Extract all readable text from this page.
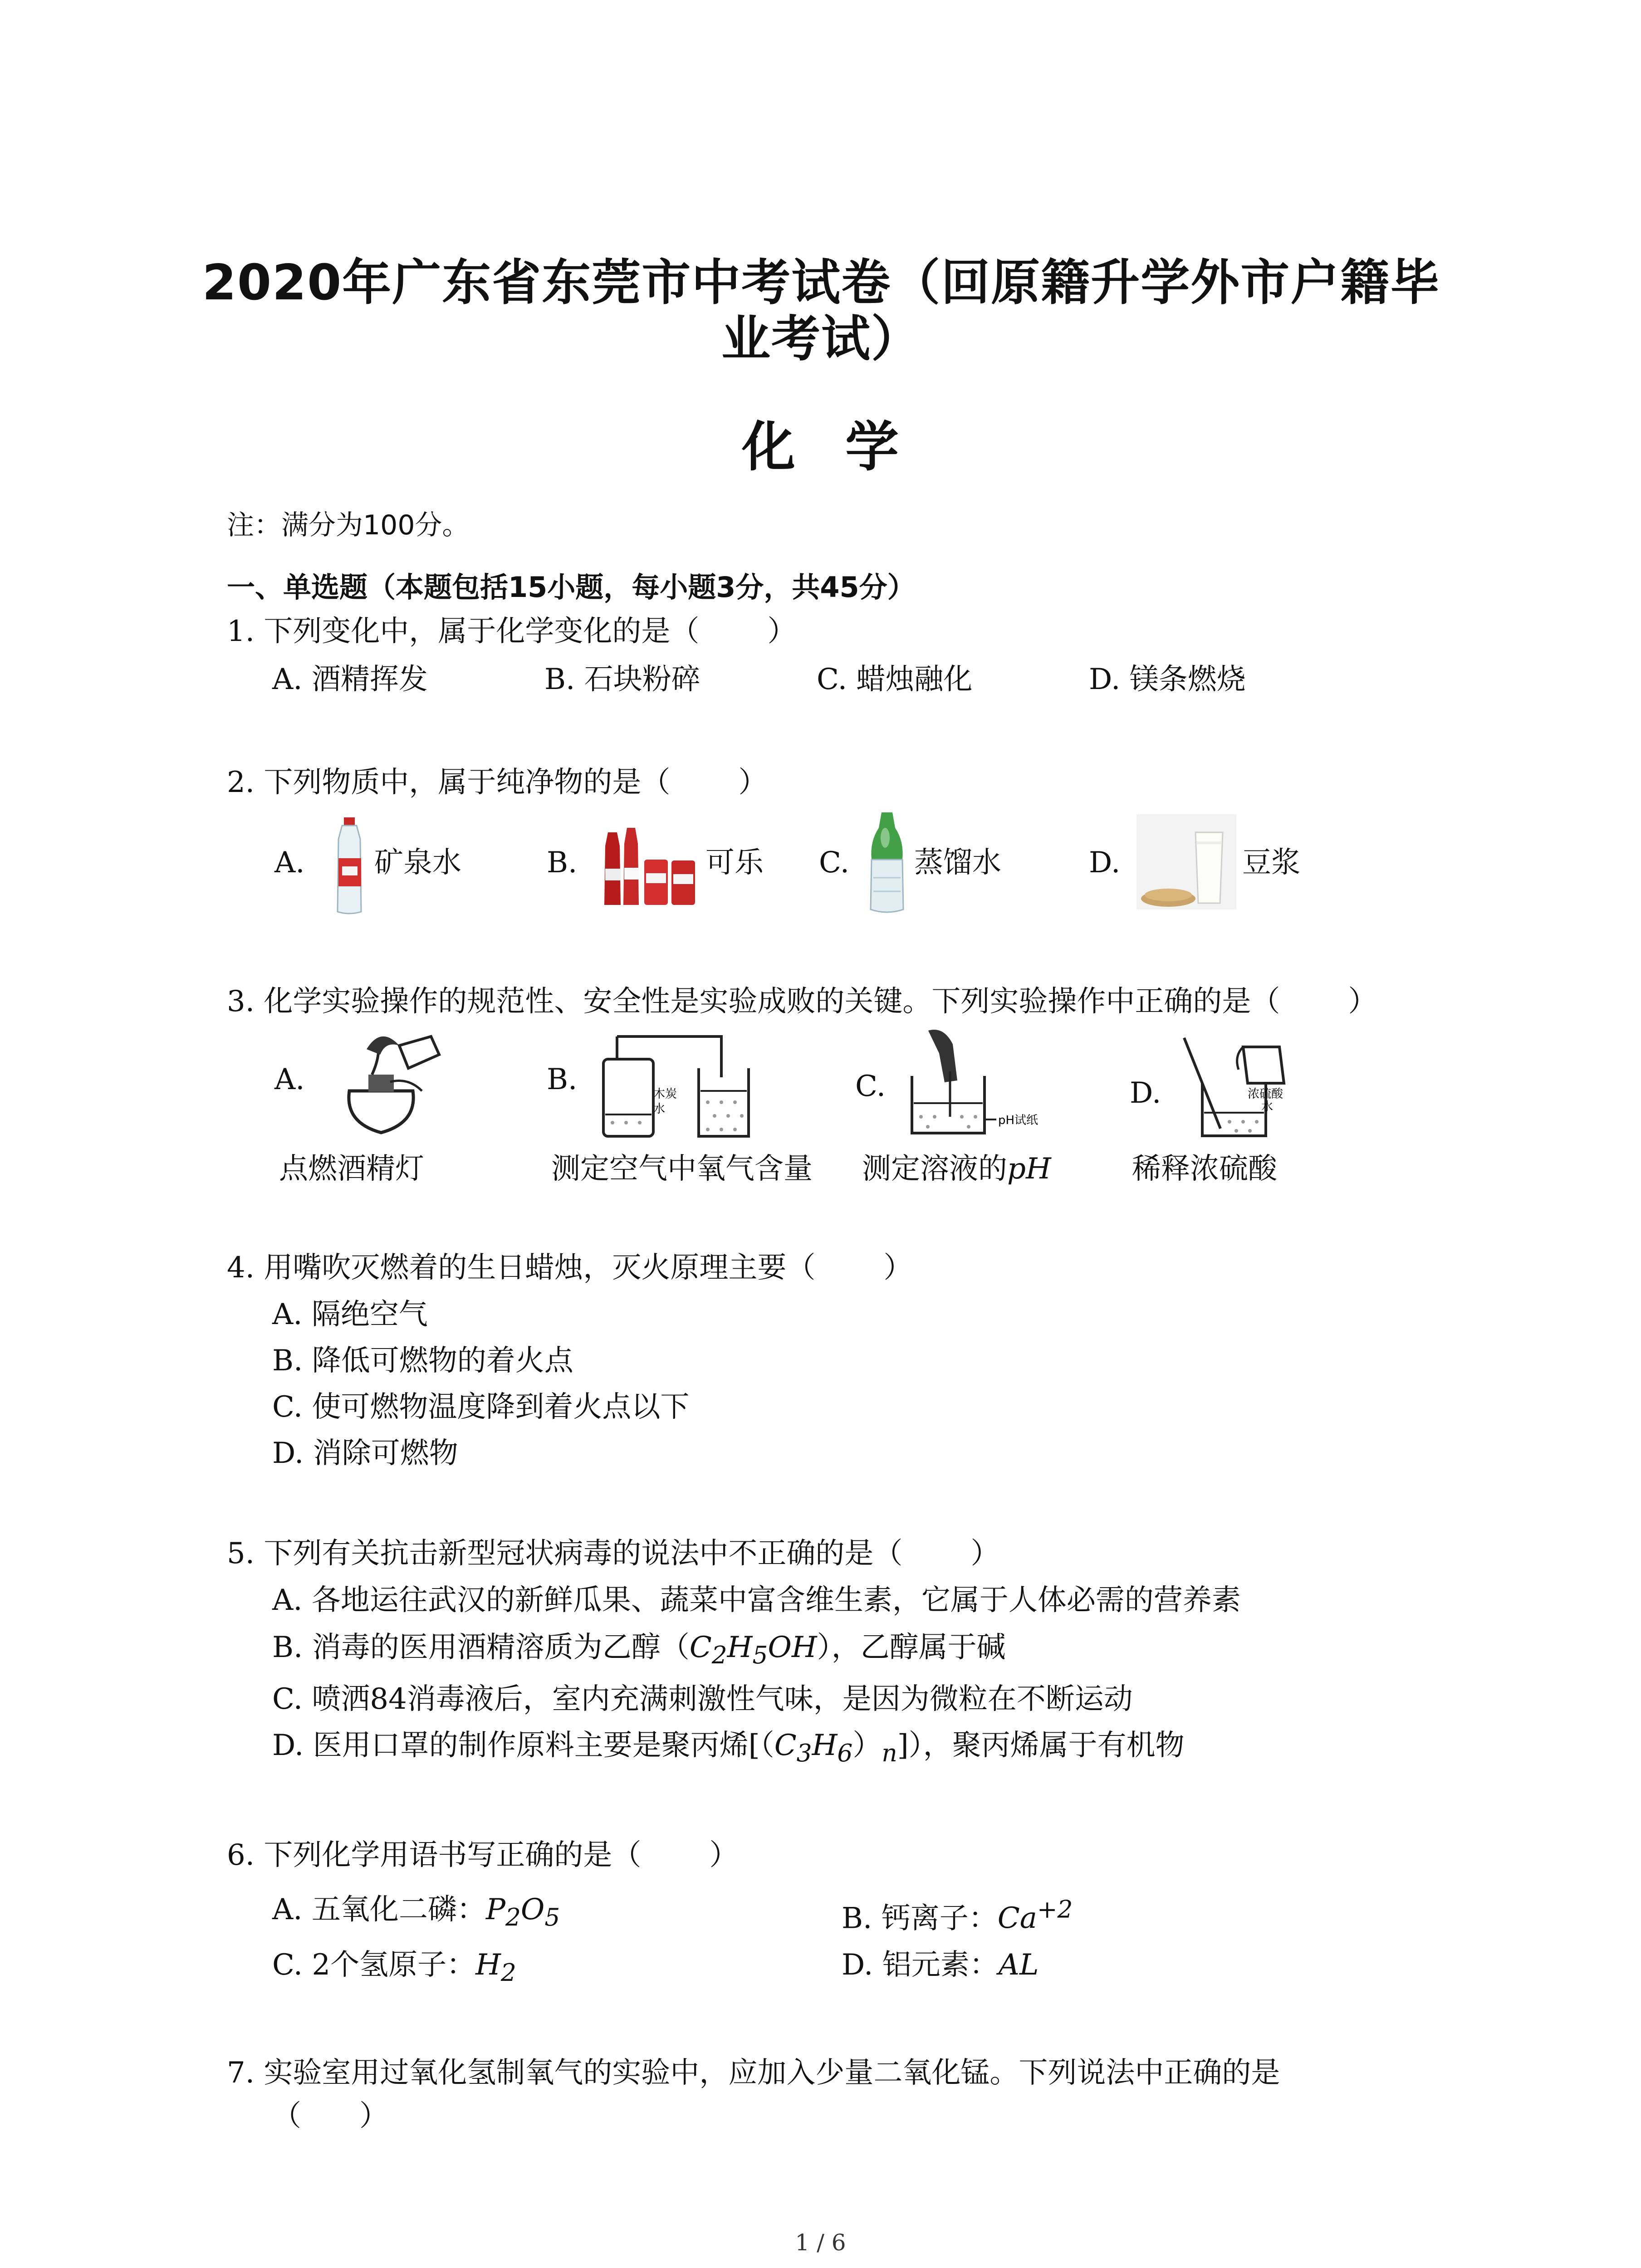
2020年广东省东莞市中考试卷（回原籍升学外市户籍毕
业考试）
化学
注：满分为100分。
一、单选题（本题包括15小题，每小题3分，共45分）
1. 下列变化中，属于化学变化的是（ ）
A. 酒精挥发	B. 石块粉碎	C. 蜡烛融化	D. 镁条燃烧
2. 下列物质中，属于纯净物的是（ ）
A. 矿泉水	B.	可乐 C. 蒸馏水	D.	豆浆
3. 化学实验操作的规范性、安全性是实验成败的关键。下列实验操作中正确的是（ ）
A.
点燃酒精灯
B.	木炭
水
测定空气中氧气含量
C.
pH试纸
测定溶液的pH
D.	浓硫酸
水
稀释浓硫酸
4. 用嘴吹灭燃着的生日蜡烛，灭火原理主要（ ）
A. 隔绝空气
B. 降低可燃物的着火点
C. 使可燃物温度降到着火点以下
D. 消除可燃物
5. 下列有关抗击新型冠状病毒的说法中不正确的是（ ）
A. 各地运往武汉的新鲜瓜果、蔬菜中富含维生素，它属于人体必需的营养素
B. 消毒的医用酒精溶质为乙醇$(C_2H_5OH)$，乙醇属于碱
C. 喷洒84消毒液后，室内充满刺激性气味，是因为微粒在不断运动
D. 医用口罩的制作原料主要是聚丙烯$[(C_3H_6)_n]$），聚丙烯属于有机物
6. 下列化学用语书写正确的是（ ）
A. 五氧化二磷：$P_2O_5$	B. 钙离子：$Ca^{+2}$
C. 2个氢原子：$H_2$	D. 铝元素：AL
7. 实验室用过氧化氢制氧气的实验中，应加入少量二氧化锰。下列说法中正确的是
（　　）
1 / 6
